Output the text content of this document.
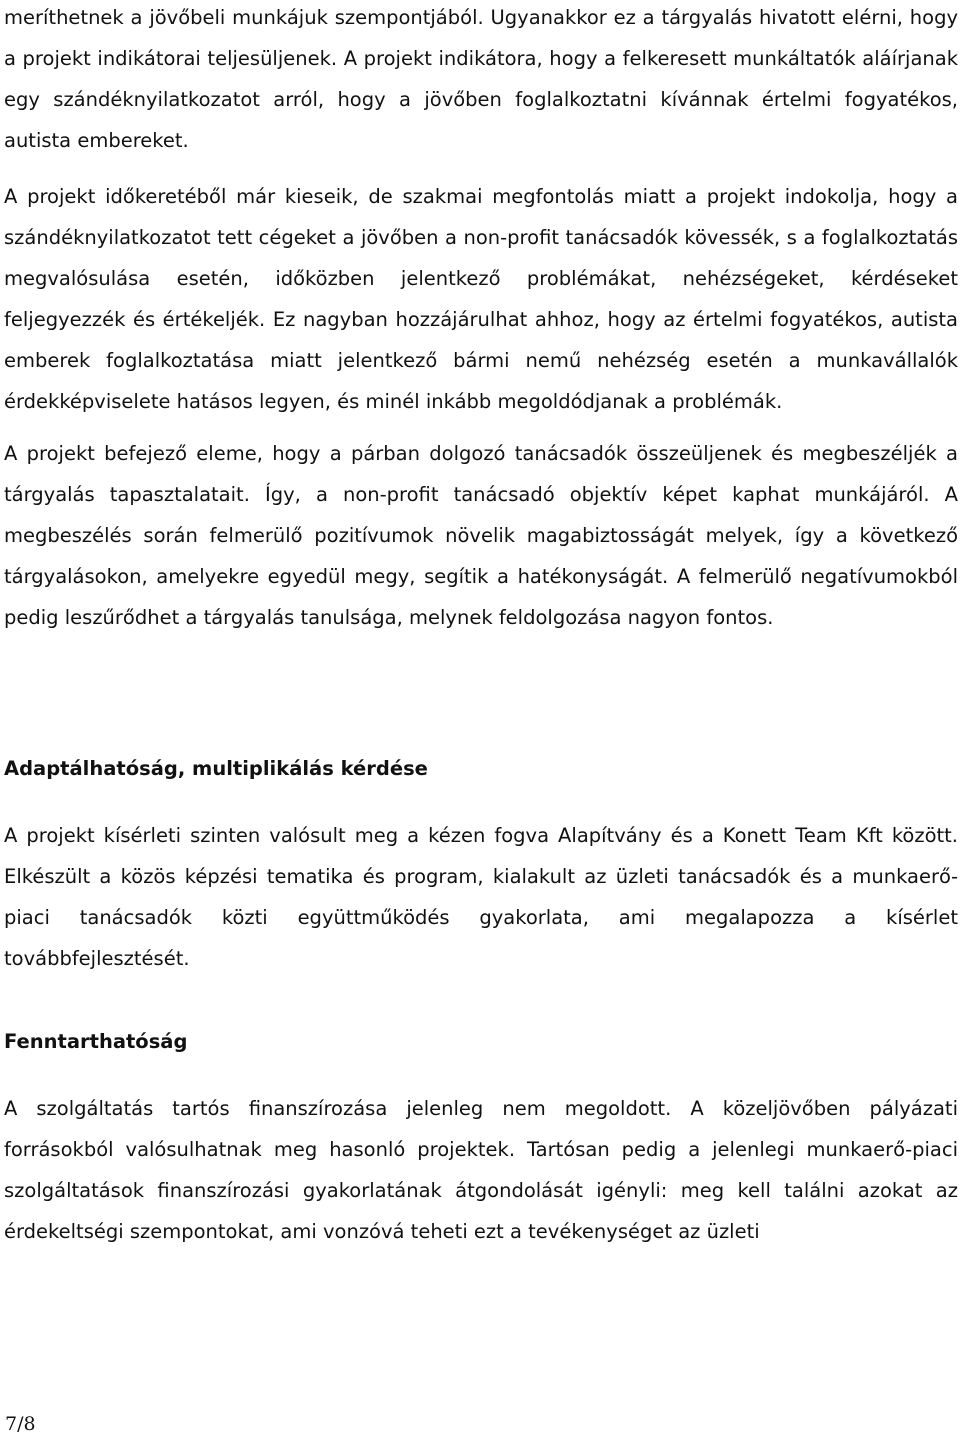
meríthetnek a jövőbeli munkájuk szempontjából. Ugyanakkor ez a tárgyalás hivatott elérni, hogy a projekt indikátorai teljesüljenek. A projekt indikátora, hogy a felkeresett munkáltatók aláírjanak egy szándéknyilatkozatot arról, hogy a jövőben foglalkoztatni kívánnak értelmi fogyatékos, autista embereket.

A projekt időkeretéből már kieseik, de szakmai megfontolás miatt a projekt indokolja, hogy a szándéknyilatkozatot tett cégeket a jövőben a non-profit tanácsadók kövessék, s a foglalkoztatás megvalósulása esetén, időközben jelentkező problémákat, nehézségeket, kérdéseket feljegyezzék és értékeljék. Ez nagyban hozzájárulhat ahhoz, hogy az értelmi fogyatékos, autista emberek foglalkoztatása miatt jelentkező bármi nemű nehézség esetén a munkavállalók érdekképviselete hatásos legyen, és minél inkább megoldódjanak a problémák.

A projekt befejező eleme, hogy a párban dolgozó tanácsadók összeüljenek és megbeszéljék a tárgyalás tapasztalatait. Így, a non-profit tanácsadó objektív képet kaphat munkájáról. A megbeszélés során felmerülő pozitívumok növelik magabiztosságát melyek, így a következő tárgyalásokon, amelyekre egyedül megy, segítik a hatékonyságát. A felmerülő negatívumokból pedig leszűrődhet a tárgyalás tanulsága, melynek feldolgozása nagyon fontos.

Adaptálhatóság, multiplikálás kérdése

A projekt kísérleti szinten valósult meg a kézen fogva Alapítvány és a Konett Team Kft között. Elkészült a közös képzési tematika és program, kialakult az üzleti tanácsadók és a munkaerő-piaci tanácsadók közti együttműködés gyakorlata, ami megalapozza a kísérlet továbbfejlesztését.

Fenntarthatóság

A szolgáltatás tartós finanszírozása jelenleg nem megoldott. A közeljövőben pályázati forrásokból valósulhatnak meg hasonló projektek. Tartósan pedig a jelenlegi munkaerő-piaci szolgáltatások finanszírozási gyakorlatának átgondolását igényli: meg kell találni azokat az érdekeltségi szempontokat, ami vonzóvá teheti ezt a tevékenységet az üzleti

7/8
